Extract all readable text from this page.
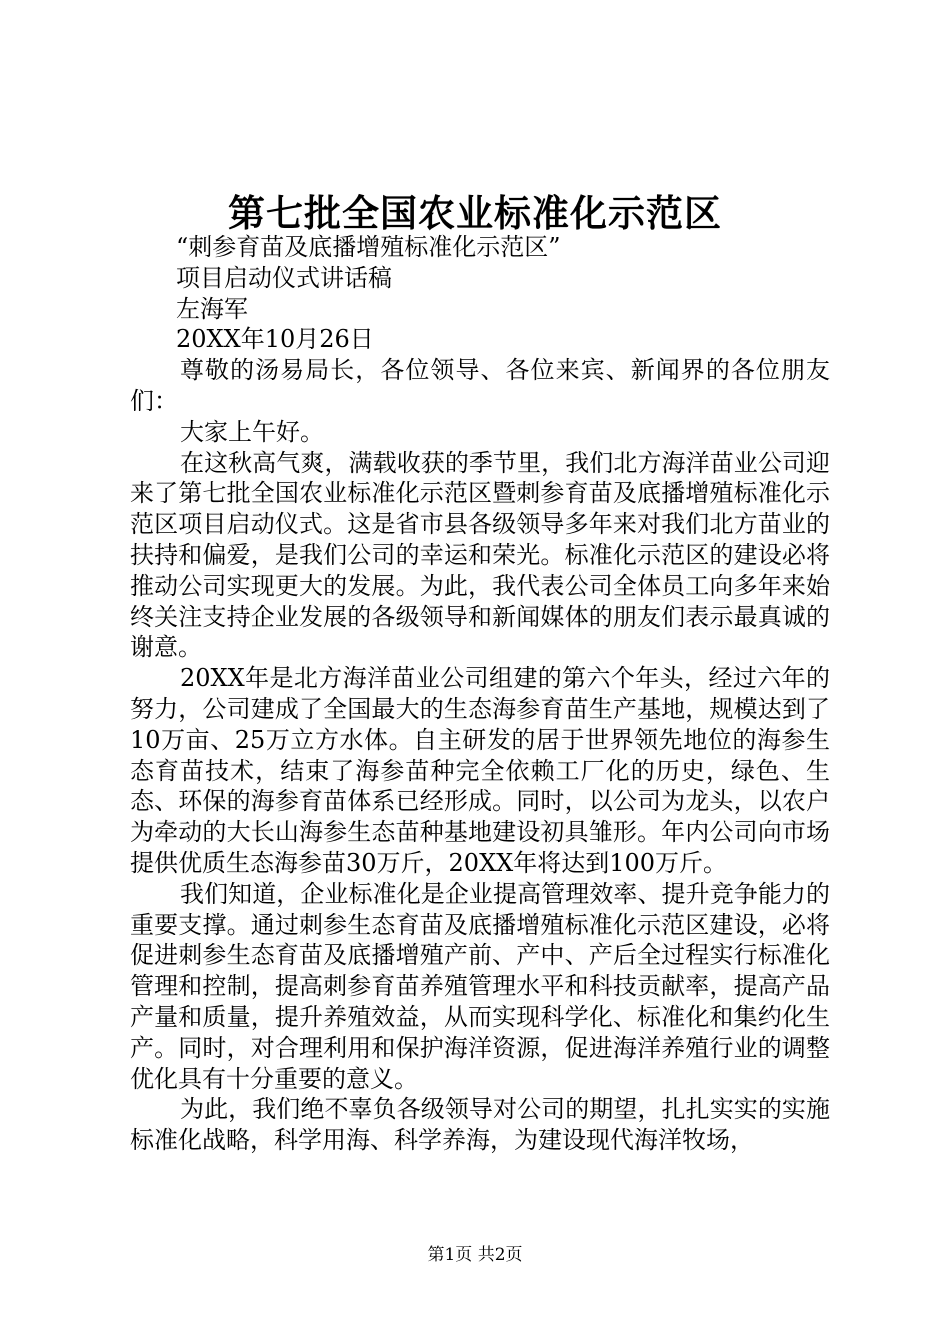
第七批全国农业标准化示范区

“刺参育苗及底播增殖标准化示范区”

项目启动仪式讲话稿

左海军

20XX年10月26日

尊敬的汤易局长，各位领导、各位来宾、新闻界的各位朋友们：

大家上午好。

在这秋高气爽，满载收获的季节里，我们北方海洋苗业公司迎来了第七批全国农业标准化示范区暨刺参育苗及底播增殖标准化示范区项目启动仪式。这是省市县各级领导多年来对我们北方苗业的扶持和偏爱，是我们公司的幸运和荣光。标准化示范区的建设必将推动公司实现更大的发展。为此，我代表公司全体员工向多年来始终关注支持企业发展的各级领导和新闻媒体的朋友们表示最真诚的谢意。

20XX年是北方海洋苗业公司组建的第六个年头，经过六年的努力，公司建成了全国最大的生态海参育苗生产基地，规模达到了10万亩、25万立方水体。自主研发的居于世界领先地位的海参生态育苗技术，结束了海参苗种完全依赖工厂化的历史，绿色、生态、环保的海参育苗体系已经形成。同时，以公司为龙头，以农户为牵动的大长山海参生态苗种基地建设初具雏形。年内公司向市场提供优质生态海参苗30万斤，20XX年将达到100万斤。

我们知道，企业标准化是企业提高管理效率、提升竞争能力的重要支撑。通过刺参生态育苗及底播增殖标准化示范区建设，必将促进刺参生态育苗及底播增殖产前、产中、产后全过程实行标准化管理和控制，提高刺参育苗养殖管理水平和科技贡献率，提高产品产量和质量，提升养殖效益，从而实现科学化、标准化和集约化生产。同时，对合理利用和保护海洋资源，促进海洋养殖行业的调整优化具有十分重要的意义。

为此，我们绝不辜负各级领导对公司的期望，扎扎实实的实施标准化战略，科学用海、科学养海，为建设现代海洋牧场，

第1页 共2页
